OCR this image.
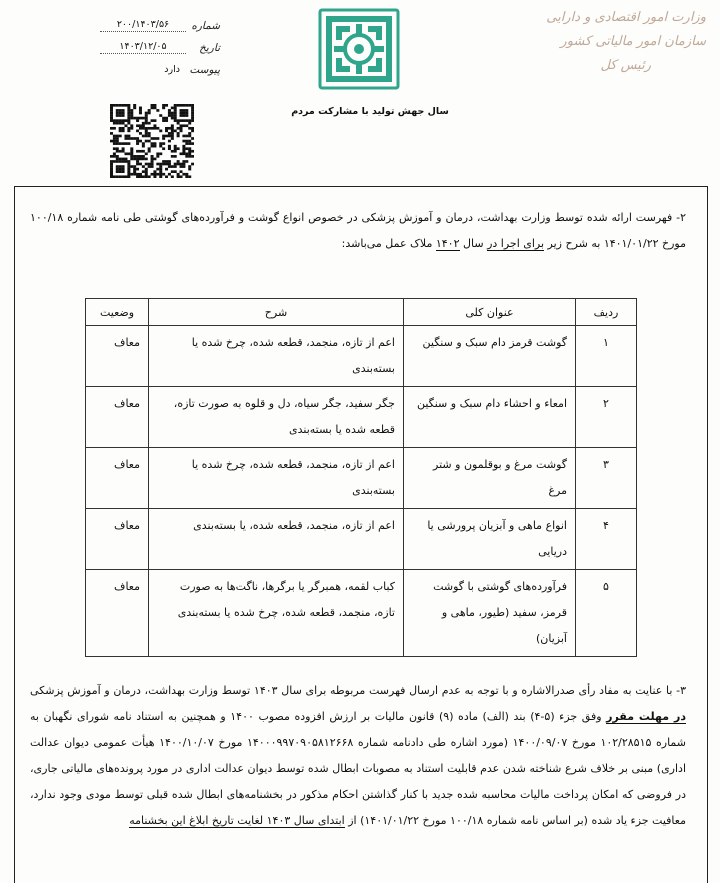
وزارت امور اقتصادی و دارایی
سازمان امور مالیاتی کشور
رئیس کل
سال جهش تولید با مشارکت مردم
شماره
۲۰۰/۱۴۰۳/۵۶
تاریخ
۱۴۰۳/۱۲/۰۵
پیوست
دارد
۲- فهرست ارائه شده توسط وزارت بهداشت، درمان و آموزش پزشکی در خصوص انواع گوشت و فرآورده‌های گوشتی طی نامه شماره ۱۰۰/۱۸ مورخ ۱۴۰۱/۰۱/۲۲ به شرح زیر برای اجرا در سال ۱۴۰۲ ملاک عمل می‌باشد:
ردیف	عنوان کلی	شرح	وضعیت
۱	گوشت قرمز دام سبک و سنگین	اعم از تازه، منجمد، قطعه شده، چرخ شده یا بسته‌بندی	معاف
۲	امعاء و احشاء دام سبک و سنگین	جگر سفید، جگر سیاه، دل و قلوه به صورت تازه، قطعه شده یا بسته‌بندی	معاف
۳	گوشت مرغ و بوقلمون و شتر مرغ	اعم از تازه، منجمد، قطعه شده، چرخ شده یا بسته‌بندی	معاف
۴	انواع ماهی و آبزیان پرورشی یا دریایی	اعم از تازه، منجمد، قطعه شده، یا بسته‌بندی	معاف
۵	فرآورده‌های گوشتی با گوشت قرمز، سفید (طیور، ماهی و آبزیان)	کباب لقمه، همبرگر یا برگرها، ناگت‌ها به صورت تازه، منجمد، قطعه شده، چرخ شده یا بسته‌بندی	معاف
۳- با عنایت به مفاد رأی صدرالاشاره و با توجه به عدم ارسال فهرست مربوطه برای سال ۱۴۰۳ توسط وزارت بهداشت، درمان و آموزش پزشکی در مهلت مقرر وفق جزء (۵-۴) بند (الف) ماده (۹) قانون مالیات بر ارزش افزوده مصوب ۱۴۰۰ و همچنین به استناد نامه شورای نگهبان به شماره ۱۰۲/۲۸۵۱۵ مورخ ۱۴۰۰/۰۹/۰۷ (مورد اشاره طی دادنامه شماره ۱۴۰۰۰۹۹۷۰۹۰۵۸۱۲۶۶۸ مورخ ۱۴۰۰/۱۰/۰۷ هیأت عمومی دیوان عدالت اداری) مبنی بر خلاف شرع شناخته شدن عدم قابلیت استناد به مصوبات ابطال شده توسط دیوان عدالت اداری در مورد پرونده‌های مالیاتی جاری، در فروضی که امکان پرداخت مالیات محاسبه شده جدید با کنار گذاشتن احکام مذکور در بخشنامه‌های ابطال شده قبلی توسط مودی وجود ندارد، معافیت جزء یاد شده (بر اساس نامه شماره ۱۰۰/۱۸ مورخ ۱۴۰۱/۰۱/۲۲) از ابتدای سال ۱۴۰۳ لغایت تاریخ ابلاغ این بخشنامه
